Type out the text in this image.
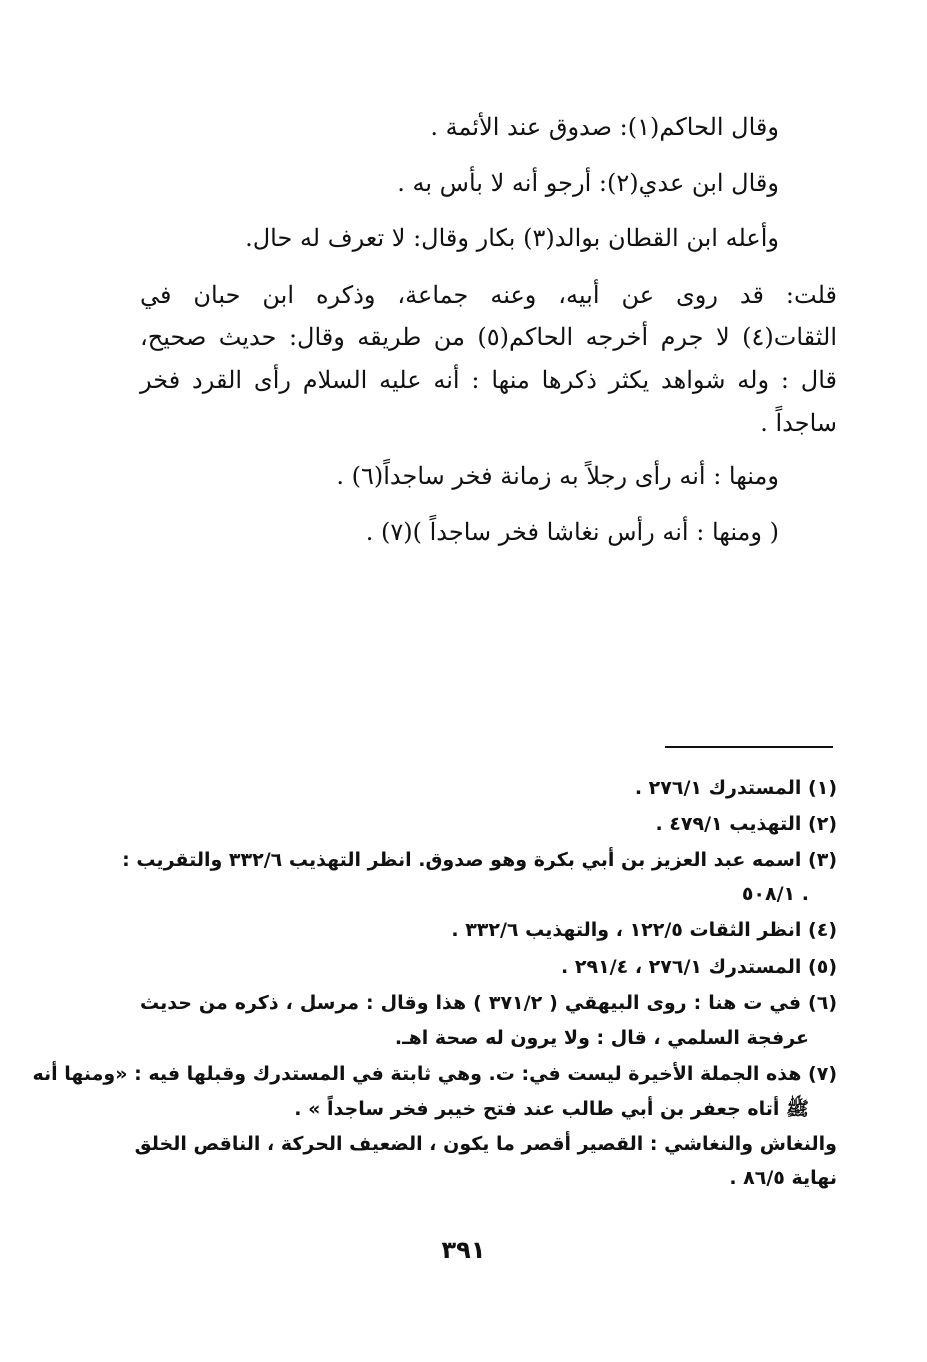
وقال الحاكم(١): صدوق عند الأئمة .
وقال ابن عدي(٢): أرجو أنه لا بأس به .
وأعله ابن القطان بوالد(٣) بكار وقال: لا تعرف له حال.
قلت: قد روى عن أبيه، وعنه جماعة، وذكره ابن حبان في
الثقات(٤) لا جرم أخرجه الحاكم(٥) من طريقه وقال: حديث صحيح،
قال : وله شواهد يكثر ذكرها منها : أنه عليه السلام رأى القرد فخر
ساجداً .
ومنها : أنه رأى رجلاً به زمانة فخر ساجداً(٦) .
( ومنها : أنه رأس نغاشا فخر ساجداً )(٧) .
(١) المستدرك ٢٧٦/١ .
(٢) التهذيب ٤٧٩/١ .
(٣) اسمه عبد العزيز بن أبي بكرة وهو صدوق. انظر التهذيب ٣٣٢/٦ والتقريب :
٥٠٨/١ .
(٤) انظر الثقات ١٢٢/٥ ، والتهذيب ٣٣٢/٦ .
(٥) المستدرك ٢٧٦/١ ، ٢٩١/٤ .
(٦) في ت هنا : روى البيهقي ( ٣٧١/٢ ) هذا وقال : مرسل ، ذكره من حديث
عرفجة السلمي ، قال : ولا يرون له صحة اهـ.
(٧) هذه الجملة الأخيرة ليست في: ت. وهي ثابتة في المستدرك وقبلها فيه : «ومنها أنه
ﷺ أتاه جعفر بن أبي طالب عند فتح خيبر فخر ساجداً » .
والنغاش والنغاشي : القصير أقصر ما يكون ، الضعيف الحركة ، الناقص الخلق
نهاية ٨٦/٥ .
٣٩١
